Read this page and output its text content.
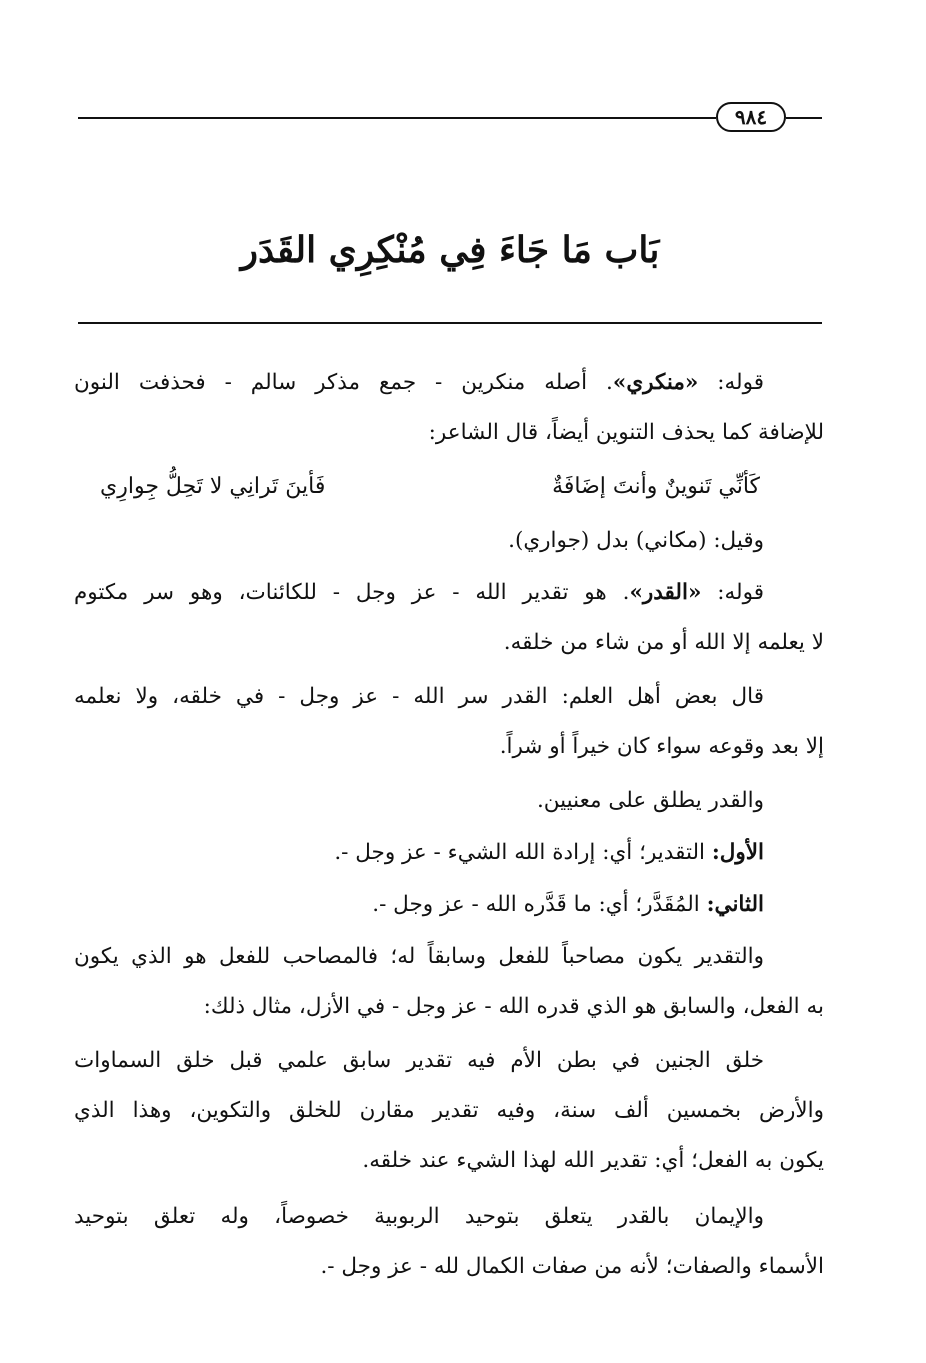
٩٨٤
بَاب مَا جَاءَ فِي مُنْكِرِي القَدَر
قوله: «منكري». أصله منكرين - جمع مذكر سالم - فحذفت النون
للإضافة كما يحذف التنوين أيضاً، قال الشاعر:
كَأنِّي تَنوينٌ وأنتَ إضَافَةٌ
فَأينَ تَرانِي لا تَحِلُّ جِوارِي
وقيل: (مكاني) بدل (جواري).
قوله: «القدر». هو تقدير الله - عز وجل - للكائنات، وهو سر مكتوم
لا يعلمه إلا الله أو من شاء من خلقه.
قال بعض أهل العلم: القدر سر الله - عز وجل - في خلقه، ولا نعلمه
إلا بعد وقوعه سواء كان خيراً أو شراً.
والقدر يطلق على معنيين.
الأول: التقدير؛ أي: إرادة الله الشيء - عز وجل -.
الثاني: المُقَدَّر؛ أي: ما قَدَّره الله - عز وجل -.
والتقدير يكون مصاحباً للفعل وسابقاً له؛ فالمصاحب للفعل هو الذي يكون
به الفعل، والسابق هو الذي قدره الله - عز وجل - في الأزل، مثال ذلك:
خلق الجنين في بطن الأم فيه تقدير سابق علمي قبل خلق السماوات
والأرض بخمسين ألف سنة، وفيه تقدير مقارن للخلق والتكوين، وهذا الذي
يكون به الفعل؛ أي: تقدير الله لهذا الشيء عند خلقه.
والإيمان بالقدر يتعلق بتوحيد الربوبية خصوصاً، وله تعلق بتوحيد
الأسماء والصفات؛ لأنه من صفات الكمال لله - عز وجل -.
